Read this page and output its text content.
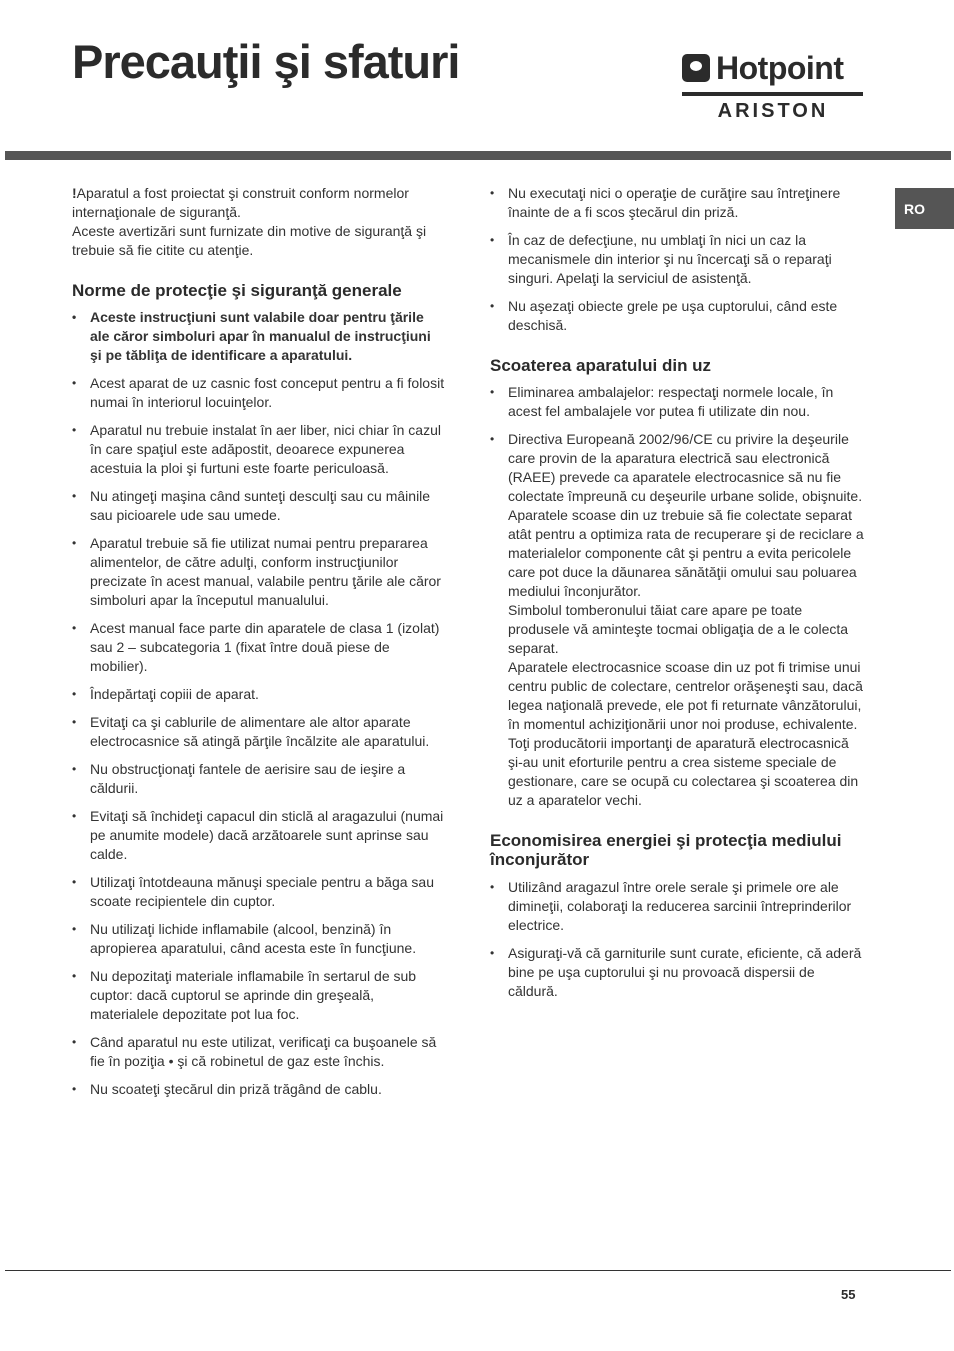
Precauţii şi sfaturi	Hotpoint
ARISTON
RO

!Aparatul a fost proiectat şi construit conform normelor internaţionale de siguranţă.

Aceste avertizări sunt furnizate din motive de siguranţă şi trebuie să fie citite cu atenţie.

Norme de protecţie şi siguranţă generale
• Aceste instrucţiuni sunt valabile doar pentru ţările ale căror simboluri apar în manualul de instrucţiuni şi pe tăbliţa de identificare a aparatului.
• Acest aparat de uz casnic fost conceput pentru a fi folosit numai în interiorul locuinţelor.
• Aparatul nu trebuie instalat în aer liber, nici chiar în cazul în care spaţiul este adăpostit, deoarece expunerea acestuia la ploi şi furtuni este foarte periculoasă.
• Nu atingeţi maşina când sunteţi desculţi sau cu mâinile sau picioarele ude sau umede.
• Aparatul trebuie să fie utilizat numai pentru prepararea alimentelor, de către adulţi, conform instrucţiunilor precizate în acest manual, valabile pentru ţările ale căror simboluri apar la începutul manualului.
• Acest manual face parte din aparatele de clasa 1 (izolat) sau 2 – subcategoria 1 (fixat între două piese de mobilier).
• Îndepărtaţi copiii de aparat.
• Evitaţi ca şi cablurile de alimentare ale altor aparate electrocasnice să atingă părţile încălzite ale aparatului.
• Nu obstrucţionaţi fantele de aerisire sau de ieşire a căldurii.
• Evitaţi să închideţi capacul din sticlă al aragazului (numai pe anumite modele) dacă arzătoarele sunt aprinse sau calde.
• Utilizaţi întotdeauna mănuşi speciale pentru a băga sau scoate recipientele din cuptor.
• Nu utilizaţi lichide inflamabile (alcool, benzină) în apropierea aparatului, când acesta este în funcţiune.
• Nu depozitaţi materiale inflamabile în sertarul de sub cuptor: dacă cuptorul se aprinde din greşeală, materialele depozitate pot lua foc.
• Când aparatul nu este utilizat, verificaţi ca buşoanele să fie în poziţia • şi că robinetul de gaz este închis.
• Nu scoateţi ştecărul din priză trăgând de cablu.
• Nu executaţi nici o operaţie de curăţire sau întreţinere înainte de a fi scos ştecărul din priză.
• În caz de defecţiune, nu umblaţi în nici un caz la mecanismele din interior şi nu încercaţi să o reparaţi singuri. Apelaţi la serviciul de asistenţă.
• Nu aşezaţi obiecte grele pe uşa cuptorului, când este deschisă.
Scoaterea aparatului din uz
• Eliminarea ambalajelor: respectaţi normele locale, în acest fel ambalajele vor putea fi utilizate din nou.
• Directiva Europeană 2002/96/CE cu privire la deşeurile care provin de la aparatura electrică sau electronică (RAEE) prevede ca aparatele electrocasnice să nu fie colectate împreună cu deşeurile urbane solide, obişnuite. Aparatele scoase din uz trebuie să fie colectate separat atât pentru a optimiza rata de recuperare şi de reciclare a materialelor componente cât şi pentru a evita pericolele care pot duce la dăunarea sănătăţii omului sau poluarea mediului înconjurător.
Simbolul tomberonului tăiat care apare pe toate produsele vă aminteşte tocmai obligaţia de a le colecta separat.
Aparatele electrocasnice scoase din uz pot fi trimise unui centru public de colectare, centrelor orăşeneşti sau, dacă legea naţională prevede, ele pot fi returnate vânzătorului, în momentul achiziţionării unor noi produse, echivalente.
Toţi producătorii importanţi de aparatură electrocasnică şi-au unit eforturile pentru a crea sisteme speciale de gestionare, care se ocupă cu colectarea şi scoaterea din uz a aparatelor vechi.
Economisirea energiei şi protecţia mediului înconjurător
• Utilizând aragazul între orele serale şi primele ore ale dimineţii, colaboraţi la reducerea sarcinii întreprinderilor electrice.
• Asiguraţi-vă că garniturile sunt curate, eficiente, că aderă bine pe uşa cuptorului şi nu provoacă dispersii de căldură.
55
